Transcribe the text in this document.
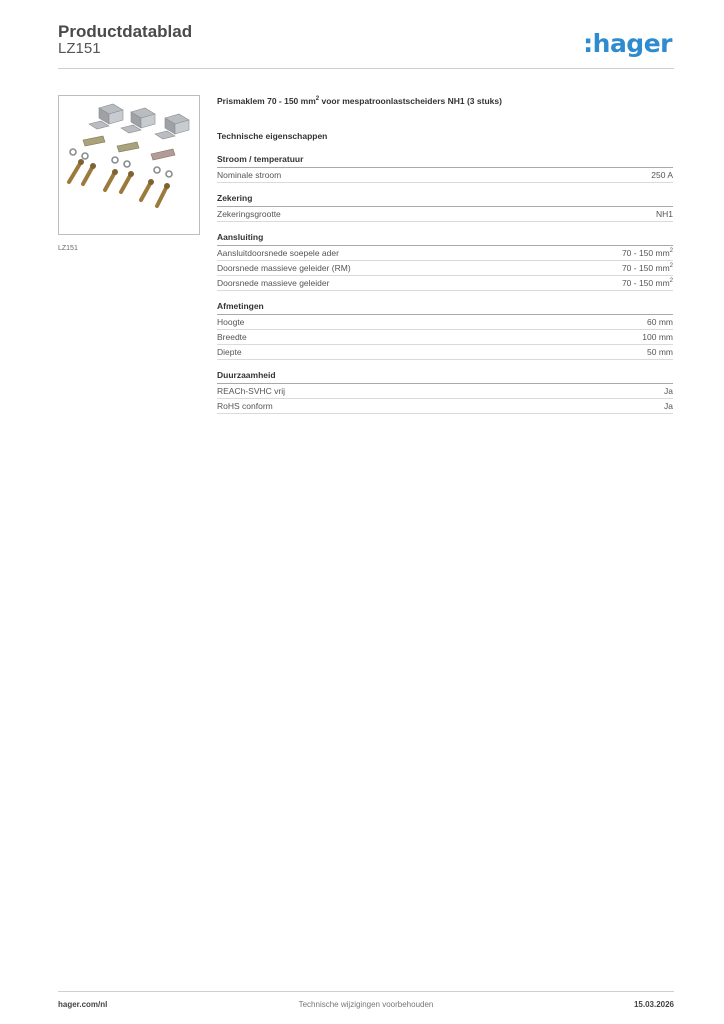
Productdatablad
LZ151	:hager
LZ151
Prismaklem 70 - 150 $mm^2$ voor mespatroonlastscheiders NH1 (3 stuks)
Technische eigenschappen
Stroom / temperatuur
Nominale stroom	250 A
Zekering
Zekeringsgrootte	NH1
Aansluiting
Aansluitdoorsnede soepele ader	70 - 150 $mm^2$
Doorsnede massieve geleider (RM)	70 - 150 $mm^2$
Doorsnede massieve geleider	70 - 150 $mm^2$
Afmetingen
Hoogte	60 mm
Breedte	100 mm
Diepte	50 mm
Duurzaamheid
REACh-SVHC vrij	Ja
RoHS conform	Ja
hager.com/nl	Technische wijzigingen voorbehouden	15.03.2026
